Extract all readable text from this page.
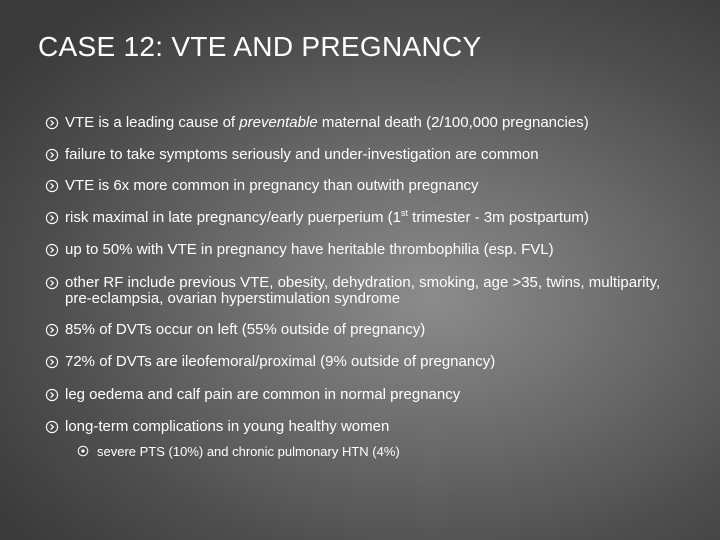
CASE 12: VTE AND PREGNANCY
VTE is a leading cause of preventable maternal death (2/100,000 pregnancies)
failure to take symptoms seriously and under-investigation are common
VTE is 6x more common in pregnancy than outwith pregnancy
risk maximal in late pregnancy/early puerperium (1st trimester - 3m postpartum)
up to 50% with VTE in pregnancy have heritable thrombophilia (esp. FVL)
other RF include previous VTE, obesity, dehydration, smoking, age >35, twins, multiparity, pre-eclampsia, ovarian hyperstimulation syndrome
85% of DVTs occur on left (55% outside of pregnancy)
72% of DVTs are ileofemoral/proximal (9% outside of pregnancy)
leg oedema and calf pain are common in normal pregnancy
long-term complications in young healthy women
severe PTS (10%) and chronic pulmonary HTN (4%)
